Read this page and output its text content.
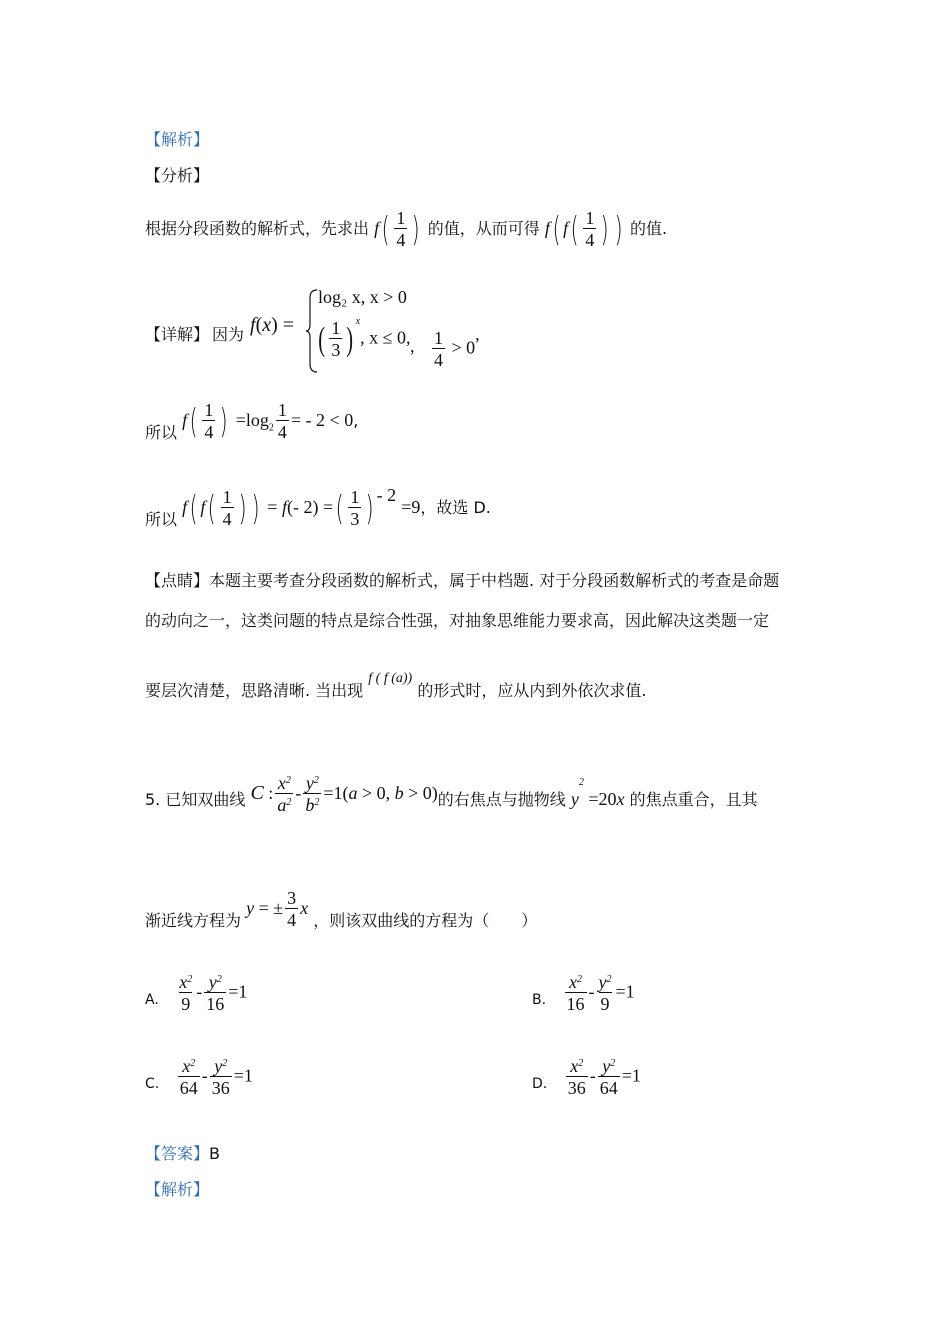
【解析】
【分析】
根据分段函数的解析式，先求出 $f( \frac{1}{4}$ ) 的值，从而可得 f( $f( \frac{1}{4}$ ) ) 的值.
【详解】 因为 f(x) =
log₂ x, x > 0
( $\frac{1}{3}$ ) $^x$, x ≤ 0, , $\frac{1}{4} > 0$,
所以 $f( \frac{1}{4}$ ) $=\log_2 \frac{1}{4}$ = - 2 < 0,
所以 f( $f( \frac{1}{4}$ ) ) = f(- 2) =( $\frac{1}{3}$ ) $^{- 2}$ =9，故选 D.
【点睛】本题主要考查分段函数的解析式，属于中档题. 对于分段函数解析式的考查是命题
的动向之一，这类问题的特点是综合性强，对抽象思维能力要求高，因此解决这类题一定
要层次清楚，思路清晰. 当出现 f ( f (a)) 的形式时，应从内到外依次求值.
5. 已知双曲线 C : $\frac{x^2}{a^2} - \frac{y^2}{b^2} =1(a > 0$, b > 0)的右焦点与抛物线 $y^2 =20x$ 的焦点重合，且其
渐近线方程为 y = ± $\frac{3}{4}$ x ，则该双曲线的方程为（　　）
A. $\frac{x^2}{9} - \frac{y^2}{16} =1$	B. $\frac{x^2}{16} - \frac{y^2}{9} =1$
C. $\frac{x^2}{64} - \frac{y^2}{36} =1$	D. $\frac{x^2}{36} - \frac{y^2}{64} =1$
【答案】B
【解析】
